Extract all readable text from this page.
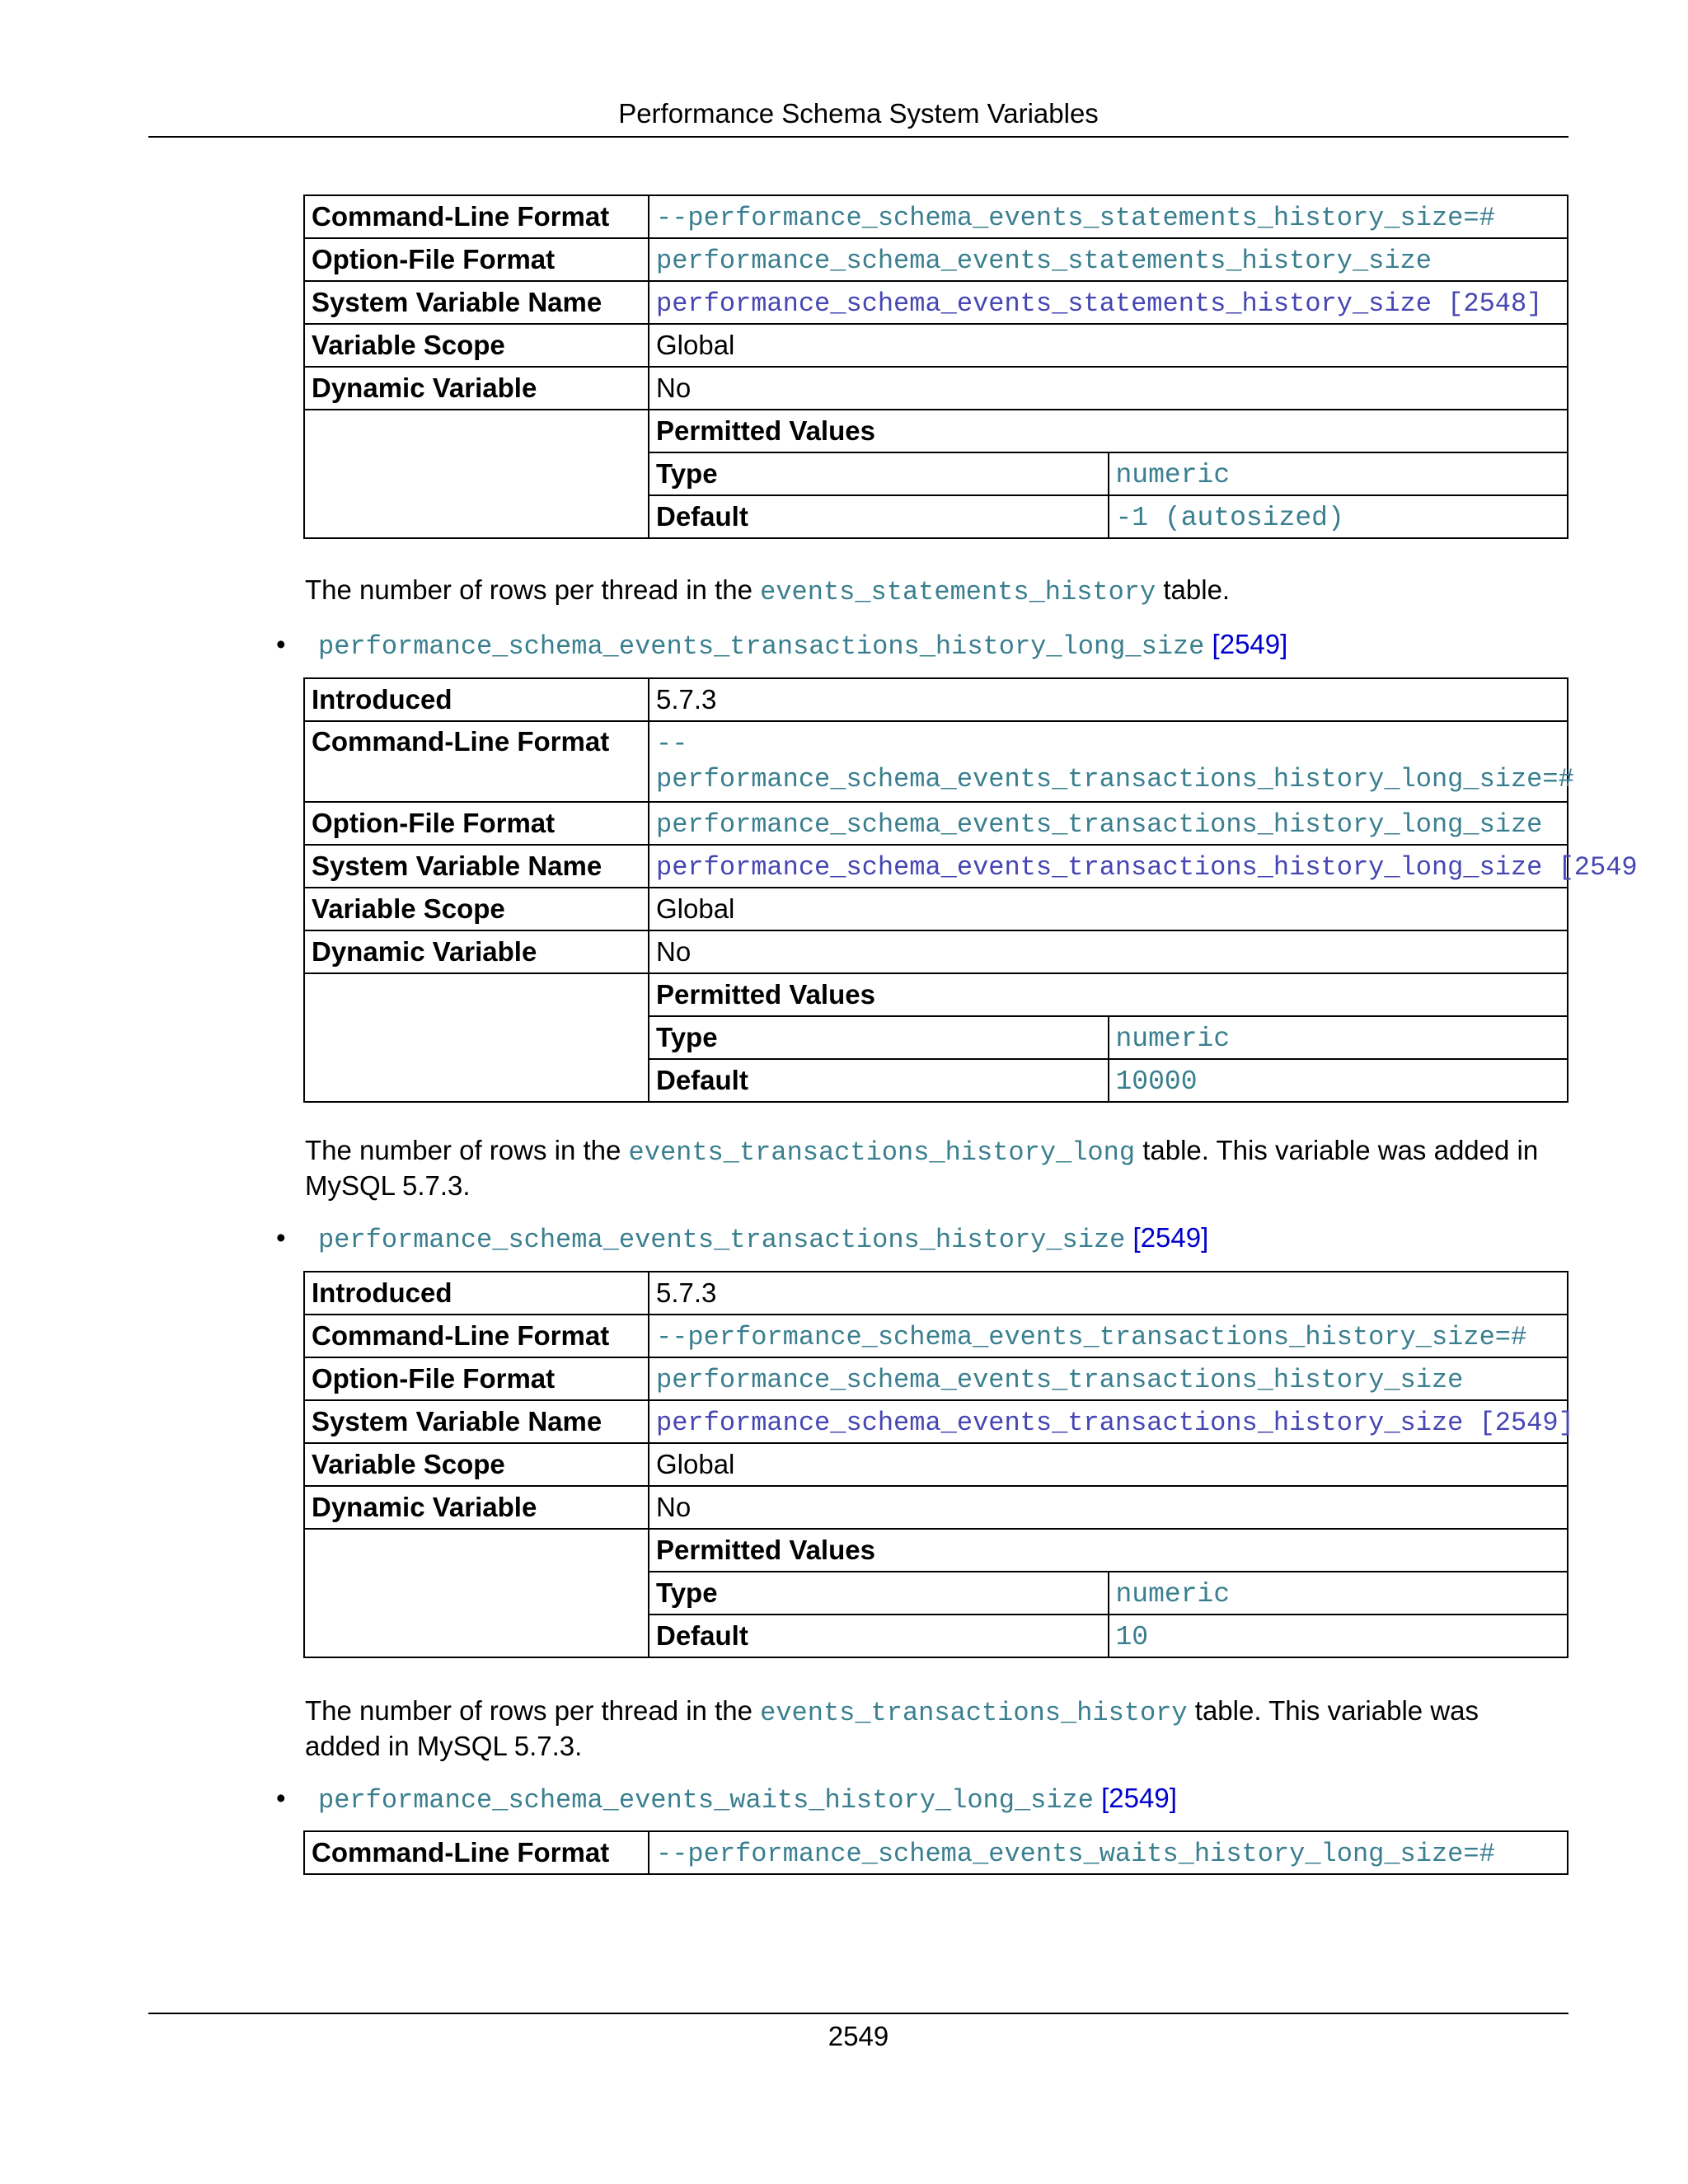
Performance Schema System Variables
Command-Line Format	--performance_schema_events_statements_history_size=#
Option-File Format	performance_schema_events_statements_history_size
System Variable Name	performance_schema_events_statements_history_size [2548]
Variable Scope	Global
Dynamic Variable	No

Permitted Values
Type	numeric
Default	-1 (autosized)

The number of rows per thread in the events_statements_history table.

• performance_schema_events_transactions_history_long_size [2549]
Introduced	5.7.3
Command-Line Format	--
performance_schema_events_transactions_history_long_size=#
Option-File Format	performance_schema_events_transactions_history_long_size
System Variable Name	performance_schema_events_transactions_history_long_size [2549
Variable Scope	Global
Dynamic Variable	No

Permitted Values
Type	numeric
Default	10000

The number of rows in the events_transactions_history_long table. This variable was added in
MySQL 5.7.3.

• performance_schema_events_transactions_history_size [2549]
Introduced	5.7.3
Command-Line Format	--performance_schema_events_transactions_history_size=#
Option-File Format	performance_schema_events_transactions_history_size
System Variable Name	performance_schema_events_transactions_history_size [2549]
Variable Scope	Global
Dynamic Variable	No

Permitted Values
Type	numeric
Default	10

The number of rows per thread in the events_transactions_history table. This variable was
added in MySQL 5.7.3.

• performance_schema_events_waits_history_long_size [2549]
Command-Line Format	--performance_schema_events_waits_history_long_size=#
2549
